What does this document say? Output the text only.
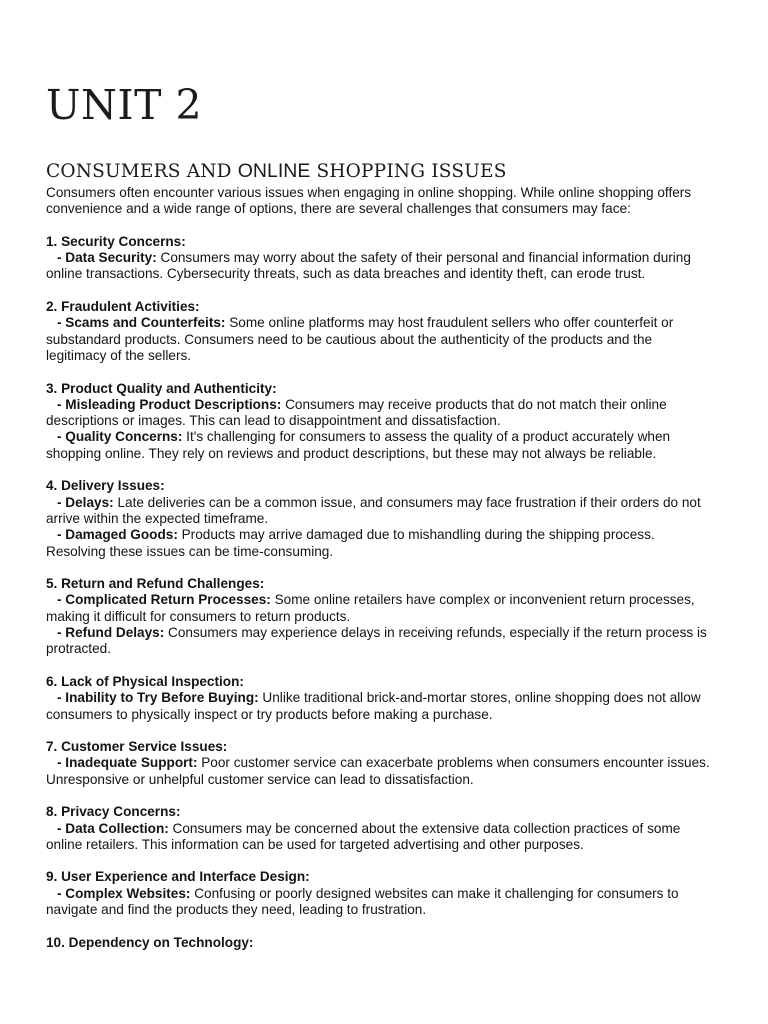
UNIT 2
CONSUMERS AND ONLINE SHOPPING ISSUES

Consumers often encounter various issues when engaging in online shopping. While online shopping offers
convenience and a wide range of options, there are several challenges that consumers may face:

1. Security Concerns:
- Data Security: Consumers may worry about the safety of their personal and financial information during
online transactions. Cybersecurity threats, such as data breaches and identity theft, can erode trust.

2. Fraudulent Activities:
- Scams and Counterfeits: Some online platforms may host fraudulent sellers who offer counterfeit or
substandard products. Consumers need to be cautious about the authenticity of the products and the
legitimacy of the sellers.

3. Product Quality and Authenticity:
- Misleading Product Descriptions: Consumers may receive products that do not match their online
descriptions or images. This can lead to disappointment and dissatisfaction.
- Quality Concerns: It's challenging for consumers to assess the quality of a product accurately when
shopping online. They rely on reviews and product descriptions, but these may not always be reliable.

4. Delivery Issues:
- Delays: Late deliveries can be a common issue, and consumers may face frustration if their orders do not
arrive within the expected timeframe.
- Damaged Goods: Products may arrive damaged due to mishandling during the shipping process.
Resolving these issues can be time-consuming.

5. Return and Refund Challenges:
- Complicated Return Processes: Some online retailers have complex or inconvenient return processes,
making it difficult for consumers to return products.
- Refund Delays: Consumers may experience delays in receiving refunds, especially if the return process is
protracted.

6. Lack of Physical Inspection:
- Inability to Try Before Buying: Unlike traditional brick-and-mortar stores, online shopping does not allow
consumers to physically inspect or try products before making a purchase.

7. Customer Service Issues:
- Inadequate Support: Poor customer service can exacerbate problems when consumers encounter issues.
Unresponsive or unhelpful customer service can lead to dissatisfaction.

8. Privacy Concerns:
- Data Collection: Consumers may be concerned about the extensive data collection practices of some
online retailers. This information can be used for targeted advertising and other purposes.

9. User Experience and Interface Design:
- Complex Websites: Confusing or poorly designed websites can make it challenging for consumers to
navigate and find the products they need, leading to frustration.

10. Dependency on Technology:
